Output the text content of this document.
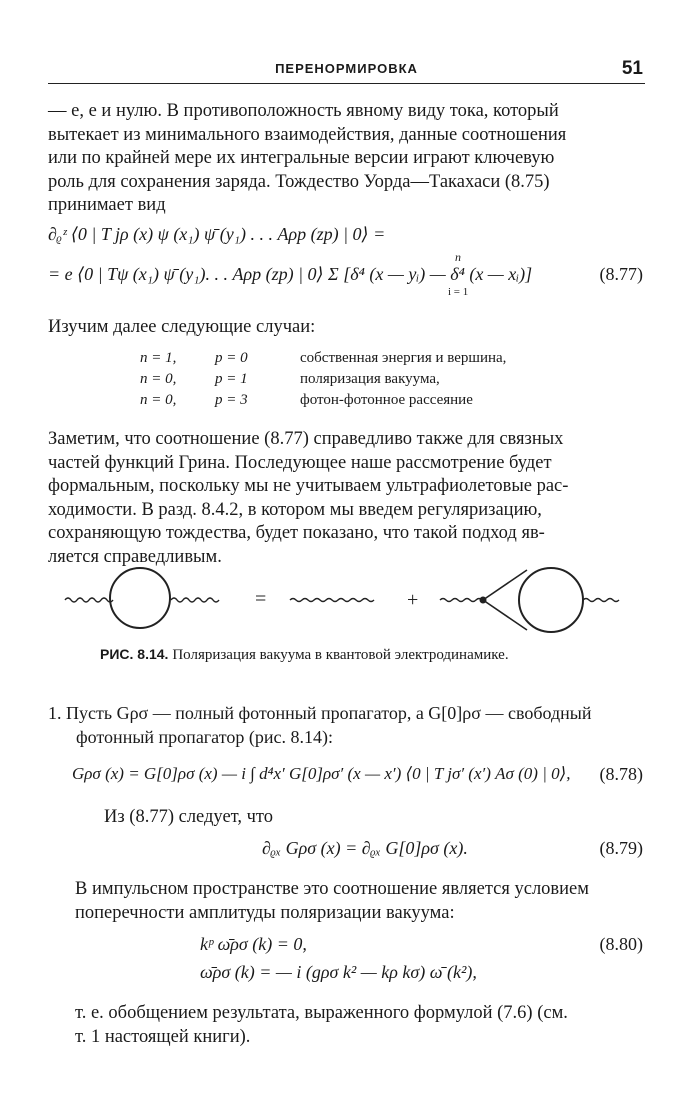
ПЕРЕНОРМИРОВКА	51
— e, e и нулю. В противоположность явному виду тока, который
вытекает из минимального взаимодействия, данные соотношения
или по крайней мере их интегральные версии играют ключевую
роль для сохранения заряда. Тождество Уорда—Такахаси (8.75)
принимает вид
∂ᵨᶻ ⟨0 | T jρ (x) ψ (x₁) ψ̄ (y₁) . . . Aρp (zp) | 0⟩ =
n
= e ⟨0 | Tψ (x₁) ψ̄ (y₁). . . Aρp (zp) | 0⟩ Σ [δ⁴ (x — yᵢ) — δ⁴ (x — xᵢ)]
i = 1
(8.77)
Изучим далее следующие случаи:
n = 1,	p = 0	собственная энергия и вершина,
n = 0,	p = 1	поляризация вакуума,
n = 0,	p = 3	фотон-фотонное рассеяние
Заметим, что соотношение (8.77) справедливо также для связных
частей функций Грина. Последующее наше рассмотрение будет
формальным, поскольку мы не учитываем ультрафиолетовые рас-
ходимости. В разд. 8.4.2, в котором мы введем регуляризацию,
сохраняющую тождества, будет показано, что такой подход яв-
ляется справедливым.
=	+
РИС. 8.14. Поляризация вакуума в квантовой электродинамике.
1. Пусть Gρσ — полный фотонный пропагатор, а G[0]ρσ — свободный
фотонный пропагатор (рис. 8.14):
Gρσ (x) = G[0]ρσ (x) — i ∫ d⁴x′ G[0]ρσ′ (x — x′) ⟨0 | T jσ′ (x′) Aσ (0) | 0⟩, (8.78)
Из (8.77) следует, что
∂ᵨₓ Gρσ (x) = ∂ᵨₓ G[0]ρσ (x).	(8.79)
В импульсном пространстве это соотношение является условием
поперечности амплитуды поляризации вакуума:
kᵖ ω̄ρσ (k) = 0,
ω̄ρσ (k) = — i (gρσ k² — kρ kσ) ω̄ (k²),
(8.80)
т. е. обобщением результата, выраженного формулой (7.6) (см.
т. 1 настоящей книги).
